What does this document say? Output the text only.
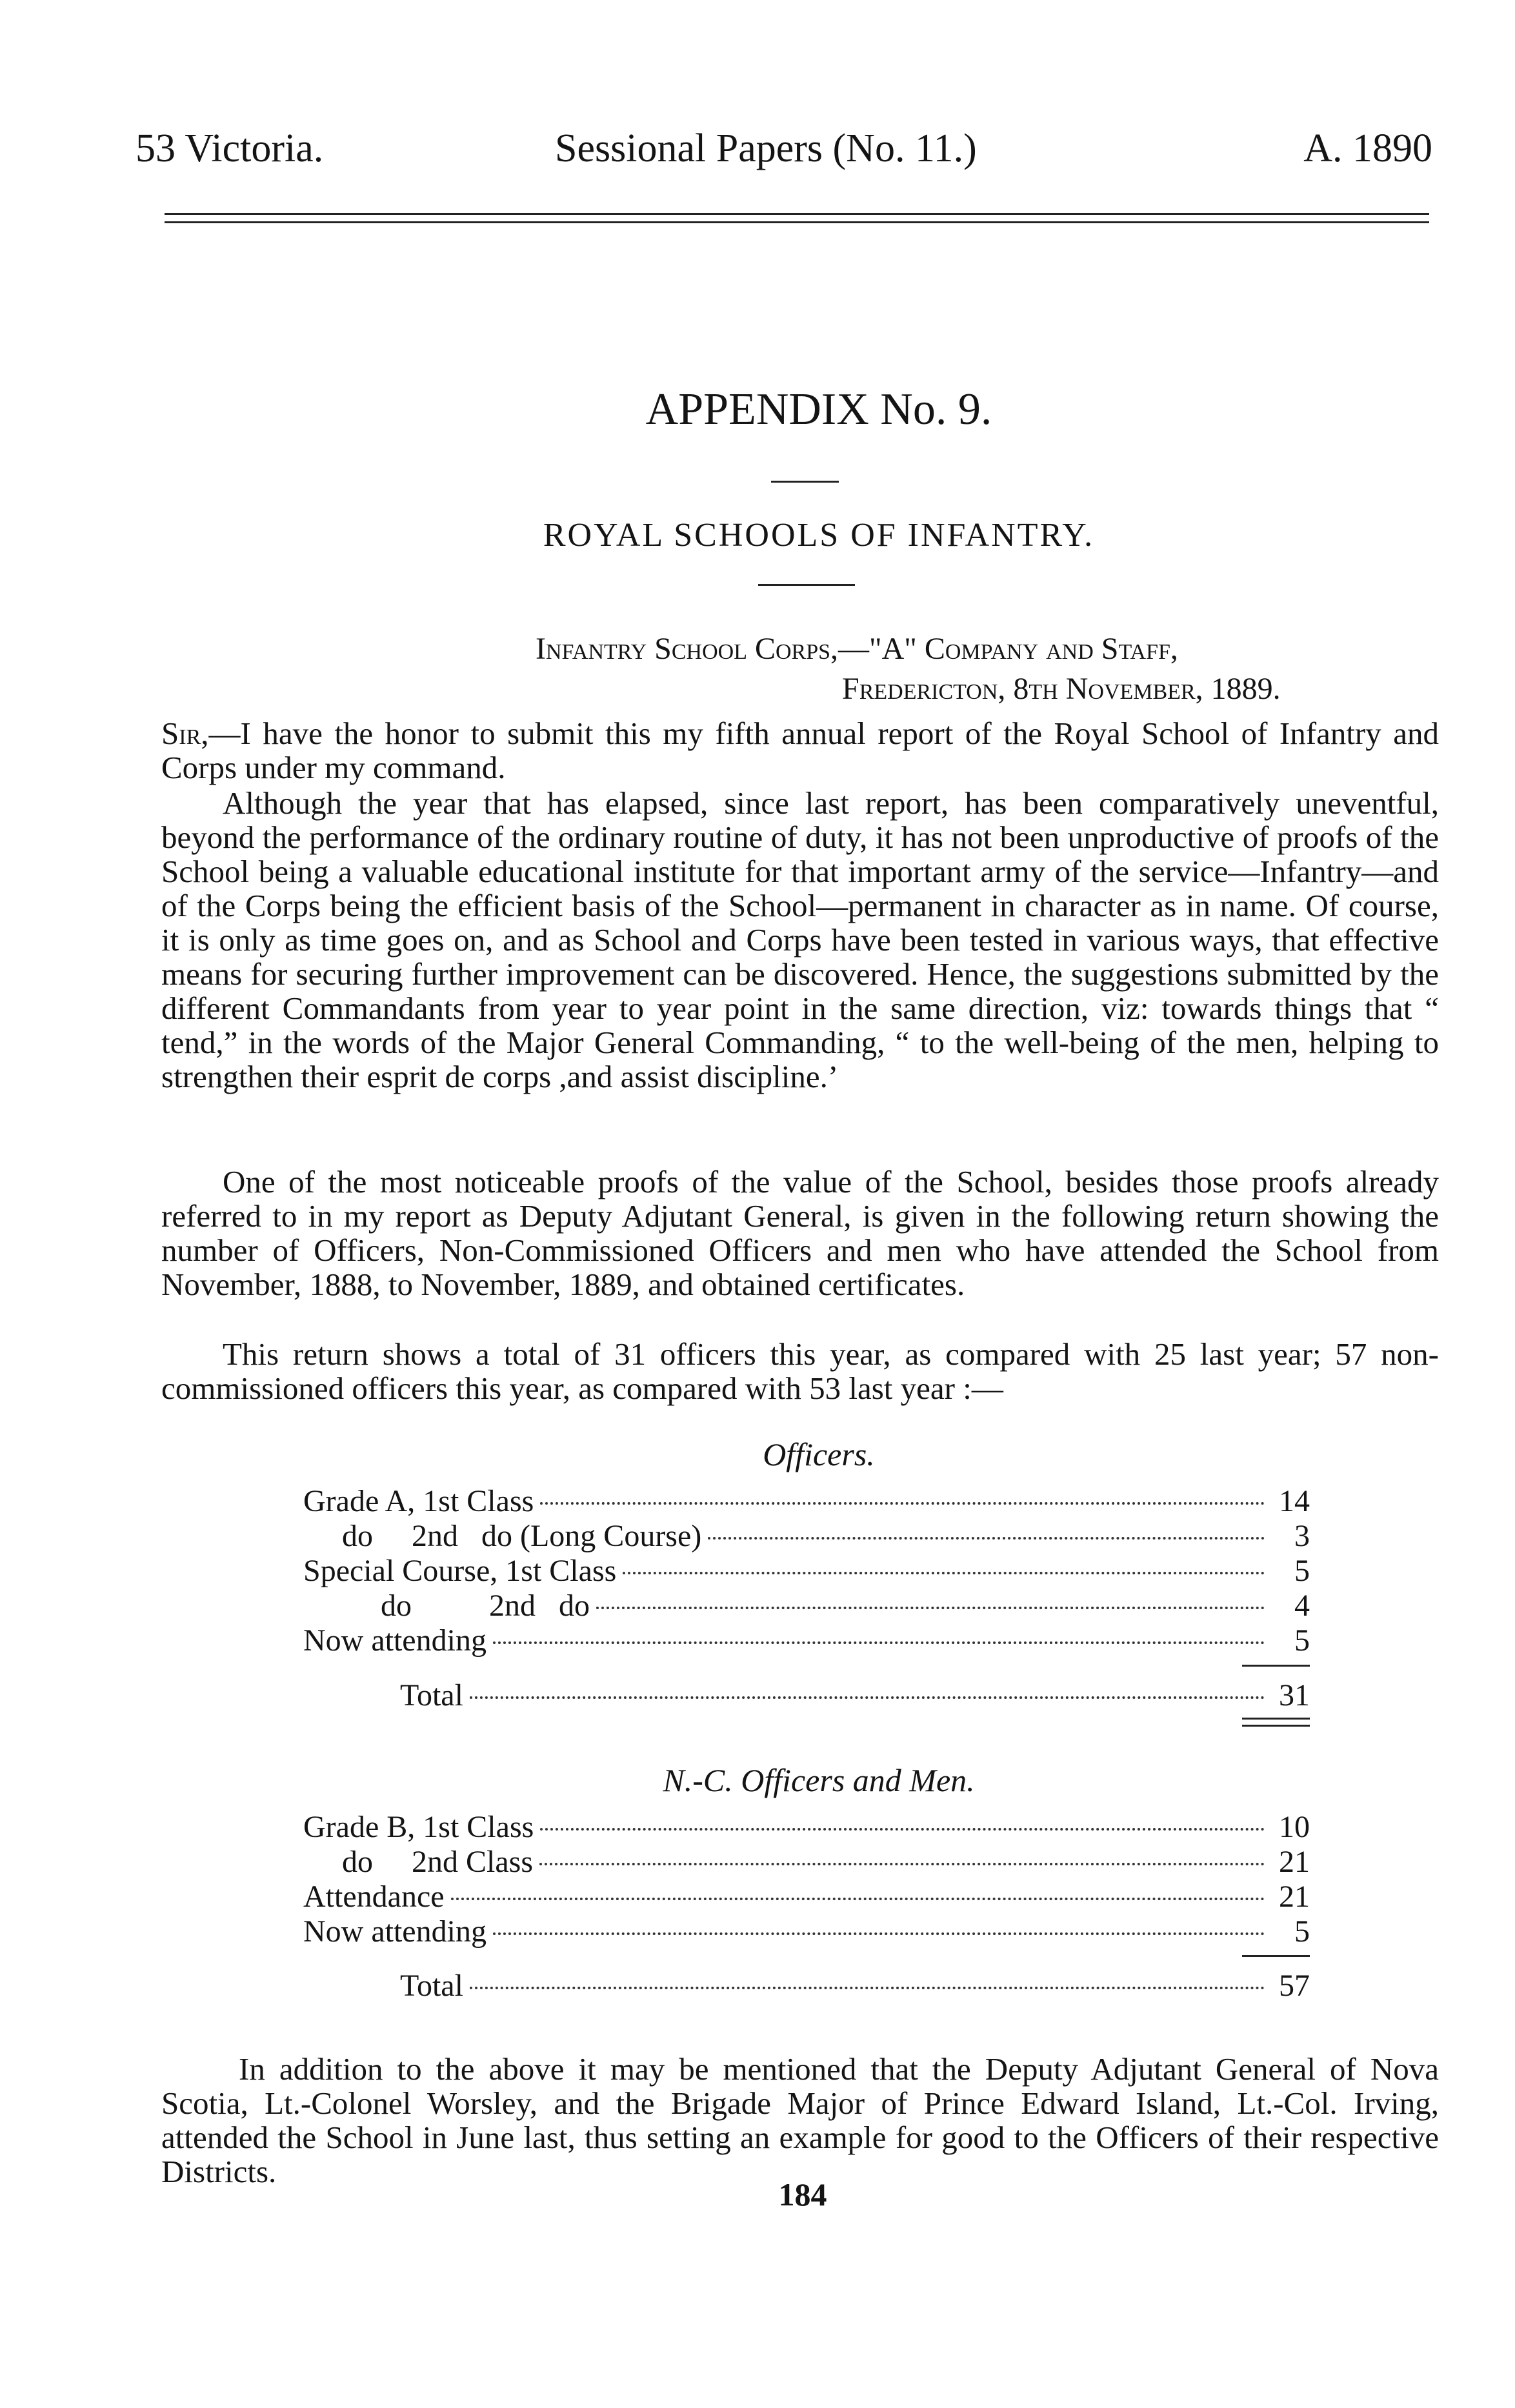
53 Victoria.	Sessional Papers (No. 11.)	A. 1890
APPENDIX No. 9.
ROYAL SCHOOLS OF INFANTRY.
Infantry School Corps,—"A" Company and Staff,
Fredericton, 8th November, 1889.
Sir,—I have the honor to submit this my fifth annual report of the Royal School of Infantry and Corps under my command.
Although the year that has elapsed, since last report, has been comparatively uneventful, beyond the performance of the ordinary routine of duty, it has not been unproductive of proofs of the School being a valuable educational institute for that important army of the service—Infantry—and of the Corps being the efficient basis of the School—permanent in character as in name. Of course, it is only as time goes on, and as School and Corps have been tested in various ways, that effective means for securing further improvement can be discovered. Hence, the suggestions submitted by the different Commandants from year to year point in the same direction, viz: towards things that “ tend,” in the words of the Major General Commanding, “ to the well-being of the men, helping to strengthen their esprit de corps ,and assist discipline.’
One of the most noticeable proofs of the value of the School, besides those proofs already referred to in my report as Deputy Adjutant General, is given in the following return showing the number of Officers, Non-Commissioned Officers and men who have attended the School from November, 1888, to November, 1889, and obtained certificates.
This return shows a total of 31 officers this year, as compared with 25 last year; 57 non-commissioned officers this year, as compared with 53 last year :—
Officers.
Grade A, 1st Class	14
do     2nd   do (Long Course)	3
Special Course, 1st Class	5
do          2nd   do	4
Now attending	5
Total	31
N.-C. Officers and Men.
Grade B, 1st Class	10
do     2nd Class	21
Attendance	21
Now attending	5
Total	57
In addition to the above it may be mentioned that the Deputy Adjutant General of Nova Scotia, Lt.-Colonel Worsley, and the Brigade Major of Prince Edward Island, Lt.-Col. Irving, attended the School in June last, thus setting an example for good to the Officers of their respective Districts.
184
